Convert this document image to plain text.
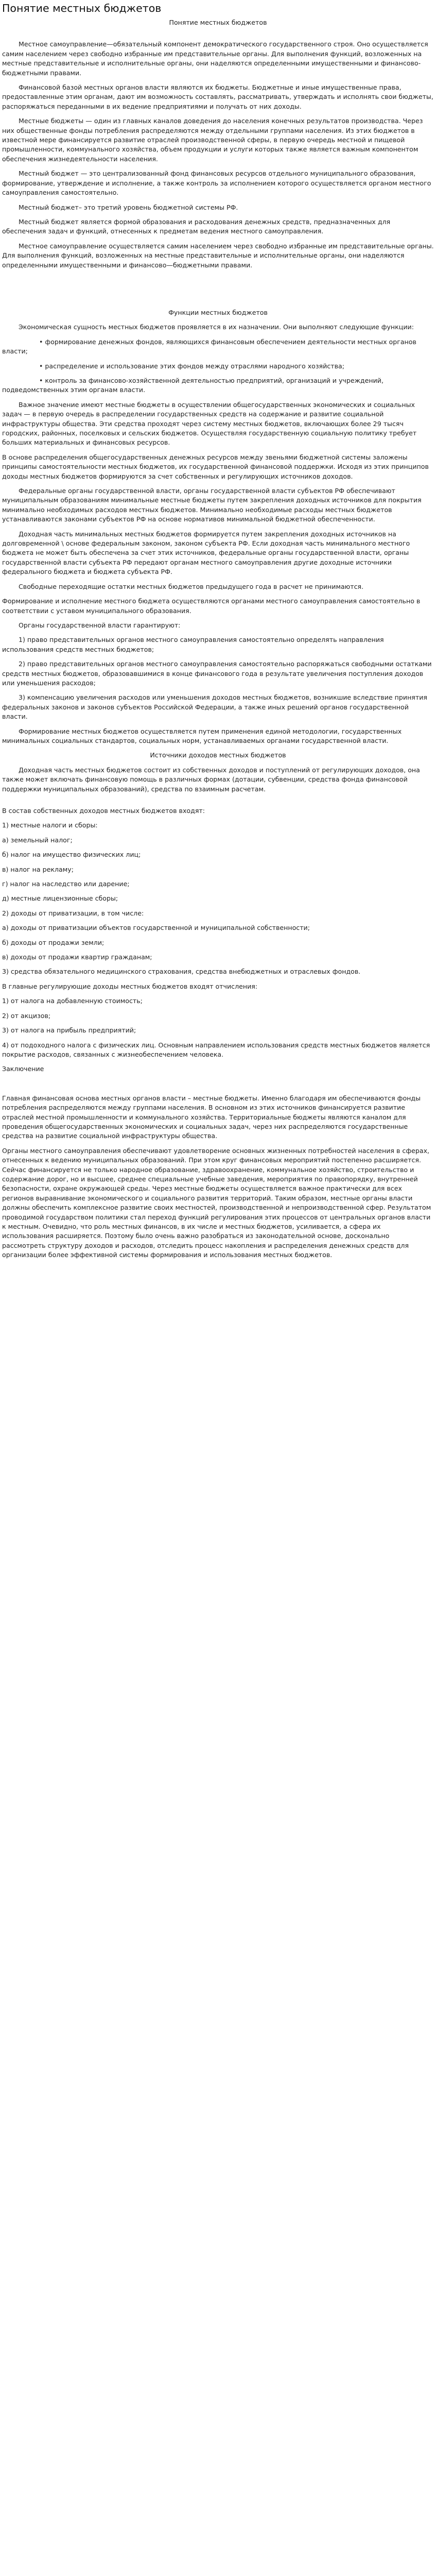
Понятие местных бюджетов

Понятие местных бюджетов

Местное самоуправление—обязательный компонент демократического государственного строя. Оно осуществляется самим населением через свободно избранные им представительные органы. Для выполнения функций, возложенных на местные представительные и исполнительные органы, они наделяются определенными имущественными и финансово-бюджетными правами.

Финансовой базой местных органов власти являются их бюджеты. Бюджетные и иные имущественные права, предоставленные этим органам, дают им возможность составлять, рассматривать, утверждать и исполнять свои бюджеты, распоряжаться переданными в их ведение предприятиями и получать от них доходы.

Местные бюджеты — один из главных каналов доведения до населения конечных результатов производства. Через них общественные фонды потребления распределяются между отдельными группами населения. Из этих бюджетов в известной мере финансируется развитие отраслей производственной сферы, в первую очередь местной и пищевой промышленности, коммунального хозяйства, объем продукции и услуги которых также является важным компонентом обеспечения жизнедеятельности населения.

Местный бюджет — это централизованный фонд финансовых ресурсов отдельного муниципального образования, формирование, утверждение и исполнение, а также контроль за исполнением которого осуществляется органом местного самоуправления самостоятельно.

Местный бюджет– это третий уровень бюджетной системы РФ.

Местный бюджет является формой образования и расходования денежных средств, предназначенных для обеспечения задач и функций, отнесенных к предметам ведения местного самоуправления.

Местное самоуправление осуществляется самим населением через свободно избранные им представительные органы. Для выполнения функций, возложенных на местные представительные и исполнительные органы, они наделяются определенными имущественными и финансово—бюджетными правами.

Функции местных бюджетов

Экономическая сущность местных бюджетов проявляется в их назначении. Они выполняют следующие функции:

• формирование денежных фондов, являющихся финансовым обеспечением деятельности местных органов власти;

• распределение и использование этих фондов между отраслями народного хозяйства;

• контроль за финансово-хозяйственной деятельностью предприятий, организаций и учреждений, подведомственных этим органам власти.

Важное значение имеют местные бюджеты в осуществлении общегосударственных экономических и социальных задач — в первую очередь в распределении государственных средств на содержание и развитие социальной инфраструктуры общества. Эти средства проходят через систему местных бюджетов, включающих более 29 тысяч городских, районных, поселковых и сельских бюджетов. Осуществляя государственную социальную политику требует больших материальных и финансовых ресурсов.

В основе распределения общегосударственных денежных ресурсов между звеньями бюджетной системы заложены принципы самостоятельности местных бюджетов, их государственной финансовой поддержки. Исходя из этих принципов доходы местных бюджетов формируются за счет собственных и регулирующих источников доходов.

Федеральные органы государственной власти, органы государственной власти субъектов РФ обеспечивают муниципальным образованиям минимальные местные бюджеты путем закрепления доходных источников для покрытия минимально необходимых расходов местных бюджетов. Минимально необходимые расходы местных бюджетов устанавливаются законами субъектов РФ на основе нормативов минимальной бюджетной обеспеченности.

Доходная часть минимальных местных бюджетов формируется путем закрепления доходных источников на долговременной \ основе федеральным законом, законом субъекта РФ. Если доходная часть минимального местного бюджета не может быть обеспечена за счет этих источников, федеральные органы государственной власти, органы государственной власти субъекта РФ передают органам местного самоуправления другие доходные источники федерального бюджета и бюджета субъекта РФ.

Свободные переходящие остатки местных бюджетов предыдущего года в расчет не принимаются.

Формирование и исполнение местного бюджета осуществляются органами местного самоуправления самостоятельно в соответствии с уставом муниципального образования.

Органы государственной власти гарантируют:

1) право представительных органов местного самоуправления самостоятельно определять направления использования средств местных бюджетов;

2) право представительных органов местного самоуправления самостоятельно распоряжаться свободными остатками средств местных бюджетов, образовавшимися в конце финансового года в результате увеличения поступления доходов или уменьшения расходов;

3) компенсацию увеличения расходов или уменьшения доходов местных бюджетов, возникшие вследствие принятия федеральных законов и законов субъектов Российской Федерации, а также иных решений органов государственной власти.

Формирование местных бюджетов осуществляется путем применения единой методологии, государственных минимальных социальных стандартов, социальных норм, устанавливаемых органами государственной власти.

Источники доходов местных бюджетов

Доходная часть местных бюджетов состоит из собственных доходов и поступлений от регулирующих доходов, она также может включать финансовую помощь в различных формах (дотации, субвенции, средства фонда финансовой поддержки муниципальных образований), средства по взаимным расчетам.

В состав собственных доходов местных бюджетов входят:

1) местные налоги и сборы:

а) земельный налог;

б) налог на имущество физических лиц;

в) налог на рекламу;

г) налог на наследство или дарение;

д) местные лицензионные сборы;

2) доходы от приватизации, в том числе:

а) доходы от приватизации объектов государственной и муниципальной собственности;

б) доходы от продажи земли;

в) доходы от продажи квартир гражданам;

3) средства обязательного медицинского страхования, средства внебюджетных и отраслевых фондов.

В главные регулирующие доходы местных бюджетов входят отчисления:

1) от налога на добавленную стоимость;

2) от акцизов;

3) от налога на прибыль предприятий;

4) от подоходного налога с физических лиц. Основным направлением использования средств местных бюджетов является покрытие расходов, связанных с жизнеобеспечением человека.

Заключение

Главная финансовая основа местных органов власти – местные бюджеты. Именно благодаря им обеспечиваются фонды потребления распределяются между группами населения. В основном из этих источников финансируется развитие отраслей местной промышленности и коммунального хозяйства. Территориальные бюджеты являются каналом для проведения общегосударственных экономических и социальных задач, через них распределяются государственные средства на развитие социальной инфраструктуры общества.

Органы местного самоуправления обеспечивают удовлетворение основных жизненных потребностей населения в сферах, отнесенных к ведению муниципальных образований. При этом круг финансовых мероприятий постепенно расширяется. Сейчас финансируется не только народное образование, здравоохранение, коммунальное хозяйство, строительство и содержание дорог, но и высшее, среднее специальные учебные заведения, мероприятия по правопорядку, внутренней безопасности, охране окружающей среды. Через местные бюджеты осуществляется важное практически для всех регионов выравнивание экономического и социального развития территорий. Таким образом, местные органы власти должны обеспечить комплексное развитие своих местностей, производственной и непроизводственной сфер. Результатом проводимой государством политики стал переход функций регулирования этих процессов от центральных органов власти к местным. Очевидно, что роль местных финансов, в их числе и местных бюджетов, усиливается, а сфера их использования расширяется. Поэтому было очень важно разобраться из законодательной основе, досконально рассмотреть структуру доходов и расходов, отследить процесс накопления и распределения денежных средств для организации более эффективной системы формирования и использования местных бюджетов.
